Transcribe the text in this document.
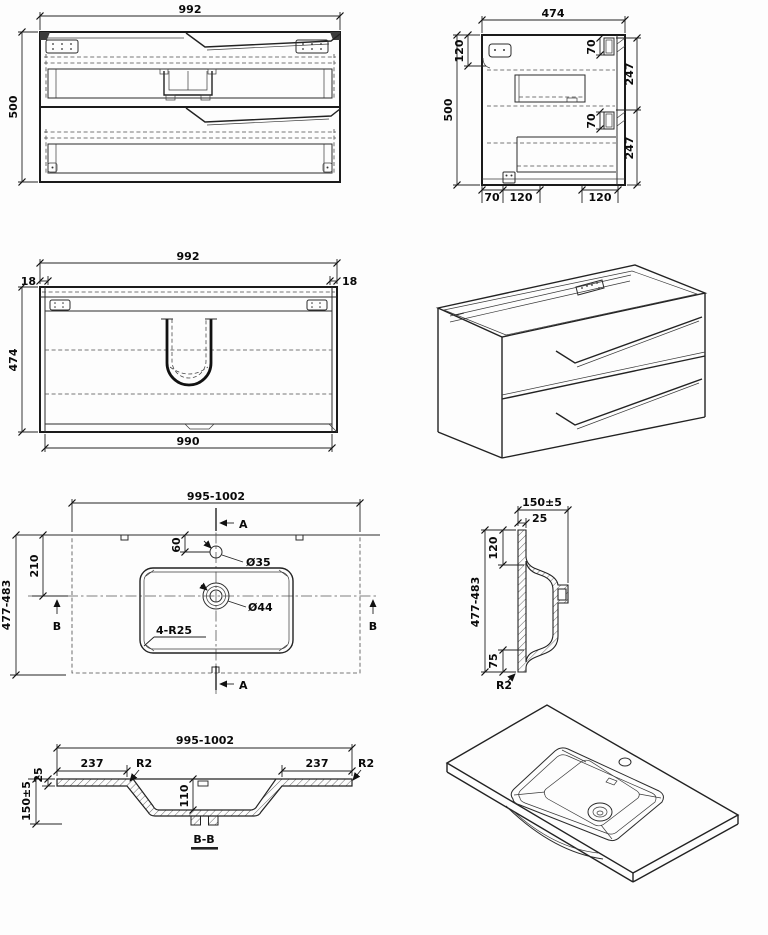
992
500
474
500
120
247
247
70
70
70 120	120
992
18	18
474
990
995-1002
477-483
210
60
Ø35
Ø44
4-R25
A
A
B	B
150±5
25
120
477-483
75
R2
995-1002
237	R2	237	R2
25
150±5	110
B-B
